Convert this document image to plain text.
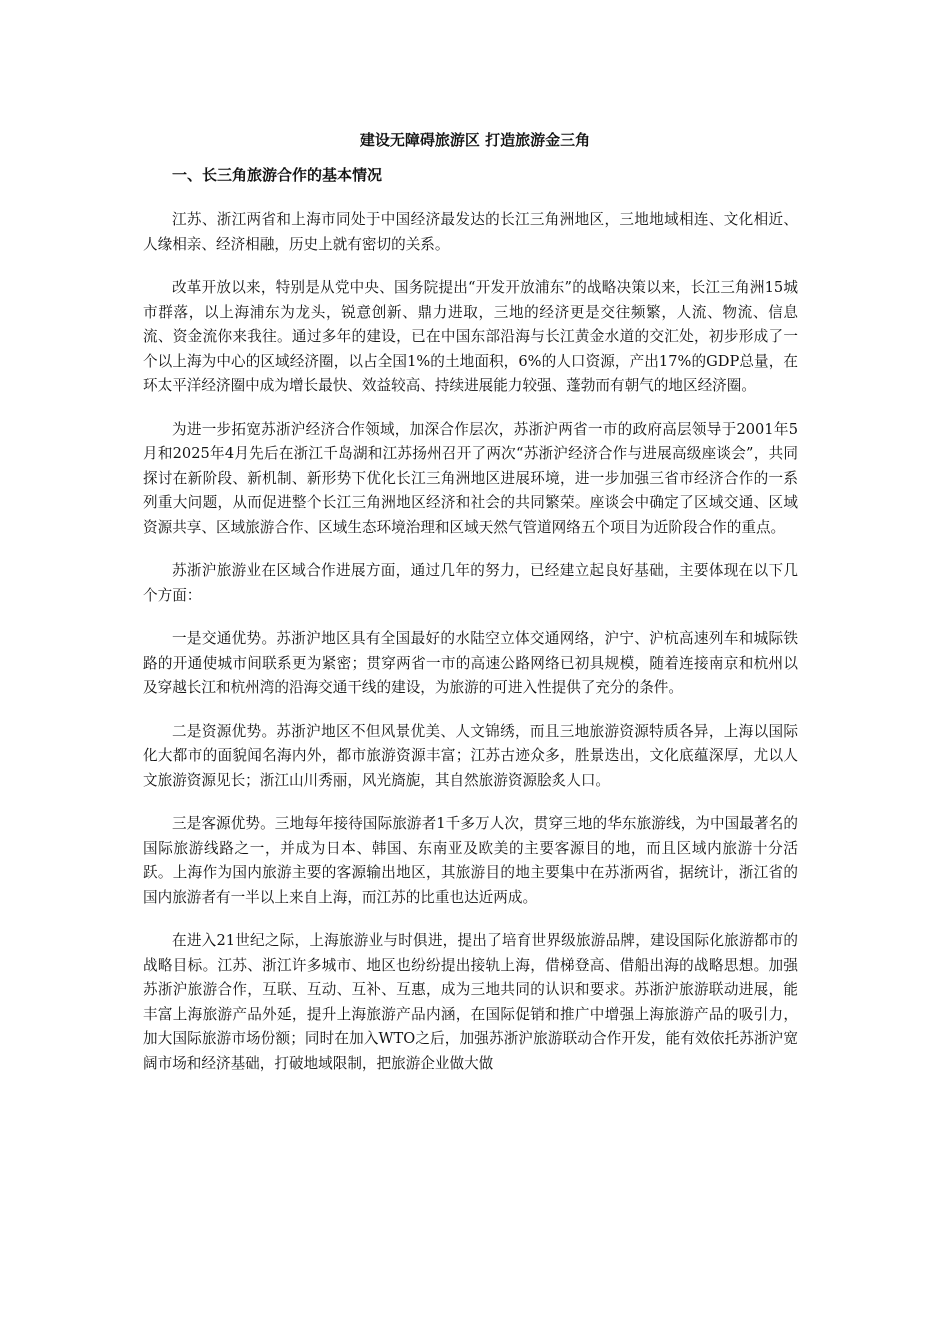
建设无障碍旅游区 打造旅游金三角
一、长三角旅游合作的基本情况

江苏、浙江两省和上海市同处于中国经济最发达的长江三角洲地区，三地地域相连、文化相近、人缘相亲、经济相融，历史上就有密切的关系。

改革开放以来，特别是从党中央、国务院提出“开发开放浦东”的战略决策以来，长江三角洲15城市群落，以上海浦东为龙头，锐意创新、鼎力进取，三地的经济更是交往频繁，人流、物流、信息流、资金流你来我往。通过多年的建设，已在中国东部沿海与长江黄金水道的交汇处，初步形成了一个以上海为中心的区域经济圈，以占全国1%的土地面积，6%的人口资源，产出17%的GDP总量，在环太平洋经济圈中成为增长最快、效益较高、持续进展能力较强、蓬勃而有朝气的地区经济圈。

为进一步拓宽苏浙沪经济合作领域，加深合作层次，苏浙沪两省一市的政府高层领导于2001年5月和2025年4月先后在浙江千岛湖和江苏扬州召开了两次“苏浙沪经济合作与进展高级座谈会”，共同探讨在新阶段、新机制、新形势下优化长江三角洲地区进展环境，进一步加强三省市经济合作的一系列重大问题，从而促进整个长江三角洲地区经济和社会的共同繁荣。座谈会中确定了区域交通、区域资源共享、区域旅游合作、区域生态环境治理和区域天然气管道网络五个项目为近阶段合作的重点。

苏浙沪旅游业在区域合作进展方面，通过几年的努力，已经建立起良好基础，主要体现在以下几个方面：

一是交通优势。苏浙沪地区具有全国最好的水陆空立体交通网络，沪宁、沪杭高速列车和城际铁路的开通使城市间联系更为紧密；贯穿两省一市的高速公路网络已初具规模，随着连接南京和杭州以及穿越长江和杭州湾的沿海交通干线的建设，为旅游的可进入性提供了充分的条件。

二是资源优势。苏浙沪地区不但风景优美、人文锦绣，而且三地旅游资源特质各异，上海以国际化大都市的面貌闻名海内外，都市旅游资源丰富；江苏古迹众多，胜景迭出，文化底蕴深厚，尤以人文旅游资源见长；浙江山川秀丽，风光旖旎，其自然旅游资源脍炙人口。

三是客源优势。三地每年接待国际旅游者1千多万人次，贯穿三地的华东旅游线，为中国最著名的国际旅游线路之一，并成为日本、韩国、东南亚及欧美的主要客源目的地，而且区域内旅游十分活跃。上海作为国内旅游主要的客源输出地区，其旅游目的地主要集中在苏浙两省，据统计，浙江省的国内旅游者有一半以上来自上海，而江苏的比重也达近两成。

在进入21世纪之际，上海旅游业与时俱进，提出了培育世界级旅游品牌，建设国际化旅游都市的战略目标。江苏、浙江许多城市、地区也纷纷提出接轨上海，借梯登高、借船出海的战略思想。加强苏浙沪旅游合作，互联、互动、互补、互惠，成为三地共同的认识和要求。苏浙沪旅游联动进展，能丰富上海旅游产品外延，提升上海旅游产品内涵，在国际促销和推广中增强上海旅游产品的吸引力，加大国际旅游市场份额；同时在加入WTO之后，加强苏浙沪旅游联动合作开发，能有效依托苏浙沪宽阔市场和经济基础，打破地域限制，把旅游企业做大做
